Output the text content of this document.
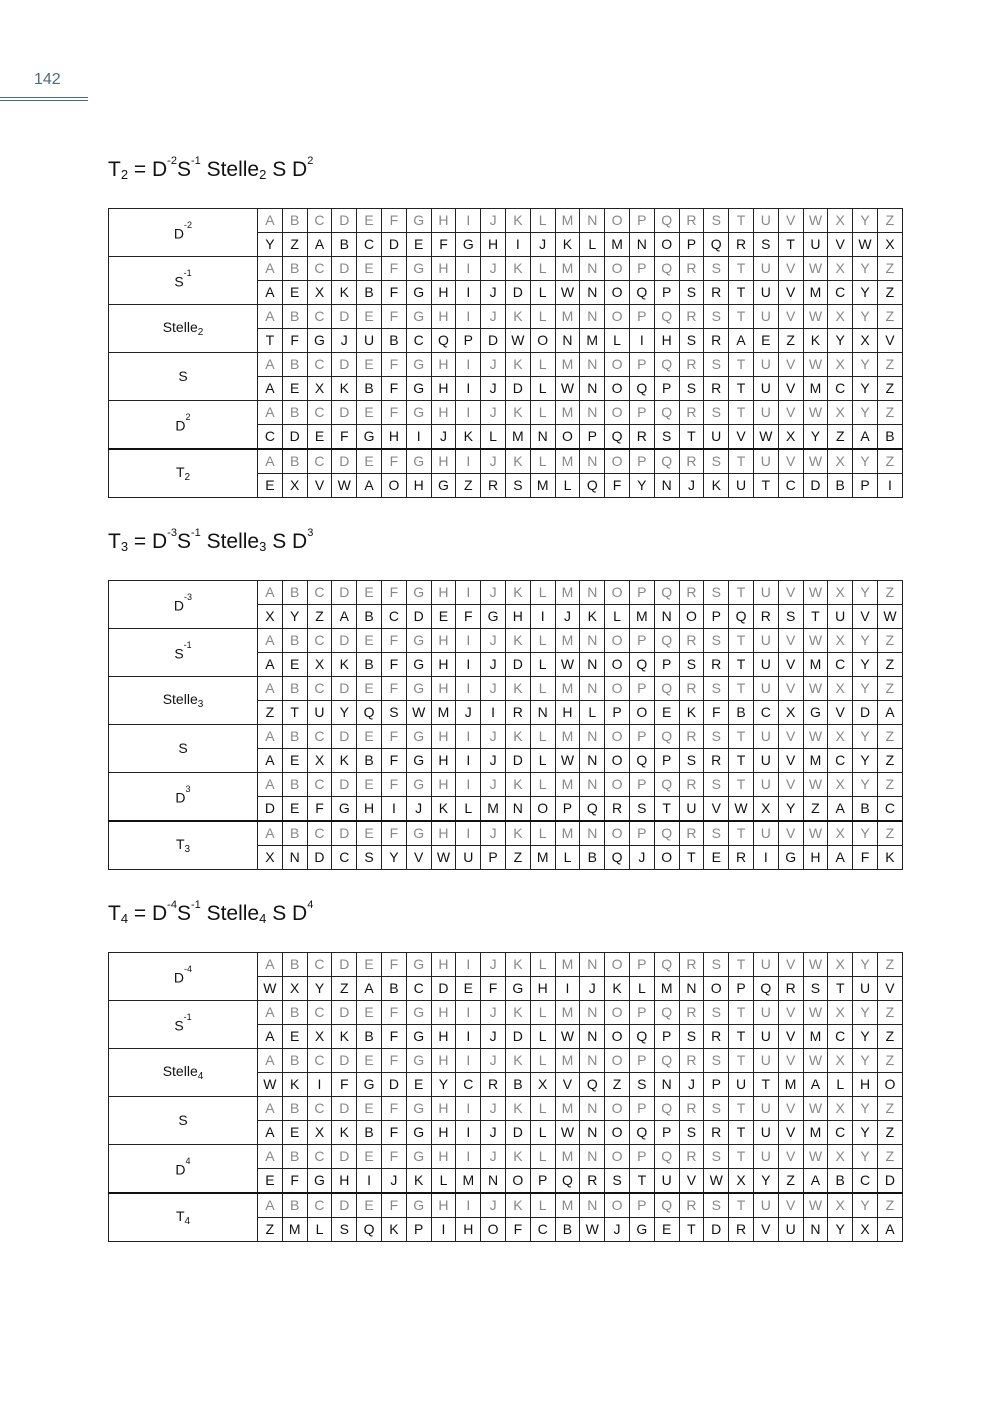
142
$T_2 = D^{-2}S^{-1}$ Stelle$_2$ S $D^2$
$D^{-2}$	A	B	C	D	E	F	G	H	I	J	K	L	M	N	O	P	Q	R	S	T	U	V	W	X	Y	Z
	Y	Z	A	B	C	D	E	F	G	H	I	J	K	L	M	N	O	P	Q	R	S	T	U	V	W	X
$S^{-1}$	A	B	C	D	E	F	G	H	I	J	K	L	M	N	O	P	Q	R	S	T	U	V	W	X	Y	Z
	A	E	X	K	B	F	G	H	I	J	D	L	W	N	O	Q	P	S	R	T	U	V	M	C	Y	Z
Stelle$_2$	A	B	C	D	E	F	G	H	I	J	K	L	M	N	O	P	Q	R	S	T	U	V	W	X	Y	Z
	T	F	G	J	U	B	C	Q	P	D	W	O	N	M	L	I	H	S	R	A	E	Z	K	Y	X	V
S	A	B	C	D	E	F	G	H	I	J	K	L	M	N	O	P	Q	R	S	T	U	V	W	X	Y	Z
	A	E	X	K	B	F	G	H	I	J	D	L	W	N	O	Q	P	S	R	T	U	V	M	C	Y	Z
$D^2$	A	B	C	D	E	F	G	H	I	J	K	L	M	N	O	P	Q	R	S	T	U	V	W	X	Y	Z
	C	D	E	F	G	H	I	J	K	L	M	N	O	P	Q	R	S	T	U	V	W	X	Y	Z	A	B
$T_2$	A	B	C	D	E	F	G	H	I	J	K	L	M	N	O	P	Q	R	S	T	U	V	W	X	Y	Z
	E	X	V	W	A	O	H	G	Z	R	S	M	L	Q	F	Y	N	J	K	U	T	C	D	B	P	I
$T_3 = D^{-3}S^{-1}$ Stelle$_3$ S $D^3$
$D^{-3}$	A	B	C	D	E	F	G	H	I	J	K	L	M	N	O	P	Q	R	S	T	U	V	W	X	Y	Z
	X	Y	Z	A	B	C	D	E	F	G	H	I	J	K	L	M	N	O	P	Q	R	S	T	U	V	W
$S^{-1}$	A	B	C	D	E	F	G	H	I	J	K	L	M	N	O	P	Q	R	S	T	U	V	W	X	Y	Z
	A	E	X	K	B	F	G	H	I	J	D	L	W	N	O	Q	P	S	R	T	U	V	M	C	Y	Z
Stelle$_3$	A	B	C	D	E	F	G	H	I	J	K	L	M	N	O	P	Q	R	S	T	U	V	W	X	Y	Z
	Z	T	U	Y	Q	S	W	M	J	I	R	N	H	L	P	O	E	K	F	B	C	X	G	V	D	A
S	A	B	C	D	E	F	G	H	I	J	K	L	M	N	O	P	Q	R	S	T	U	V	W	X	Y	Z
	A	E	X	K	B	F	G	H	I	J	D	L	W	N	O	Q	P	S	R	T	U	V	M	C	Y	Z
$D^3$	A	B	C	D	E	F	G	H	I	J	K	L	M	N	O	P	Q	R	S	T	U	V	W	X	Y	Z
	D	E	F	G	H	I	J	K	L	M	N	O	P	Q	R	S	T	U	V	W	X	Y	Z	A	B	C
$T_3$	A	B	C	D	E	F	G	H	I	J	K	L	M	N	O	P	Q	R	S	T	U	V	W	X	Y	Z
	X	N	D	C	S	Y	V	W	U	P	Z	M	L	B	Q	J	O	T	E	R	I	G	H	A	F	K
$T_4 = D^{-4}S^{-1}$ Stelle$_4$ S $D^4$
$D^{-4}$	A	B	C	D	E	F	G	H	I	J	K	L	M	N	O	P	Q	R	S	T	U	V	W	X	Y	Z
	W	X	Y	Z	A	B	C	D	E	F	G	H	I	J	K	L	M	N	O	P	Q	R	S	T	U	V
$S^{-1}$	A	B	C	D	E	F	G	H	I	J	K	L	M	N	O	P	Q	R	S	T	U	V	W	X	Y	Z
	A	E	X	K	B	F	G	H	I	J	D	L	W	N	O	Q	P	S	R	T	U	V	M	C	Y	Z
Stelle$_4$	A	B	C	D	E	F	G	H	I	J	K	L	M	N	O	P	Q	R	S	T	U	V	W	X	Y	Z
	W	K	I	F	G	D	E	Y	C	R	B	X	V	Q	Z	S	N	J	P	U	T	M	A	L	H	O
S	A	B	C	D	E	F	G	H	I	J	K	L	M	N	O	P	Q	R	S	T	U	V	W	X	Y	Z
	A	E	X	K	B	F	G	H	I	J	D	L	W	N	O	Q	P	S	R	T	U	V	M	C	Y	Z
$D^4$	A	B	C	D	E	F	G	H	I	J	K	L	M	N	O	P	Q	R	S	T	U	V	W	X	Y	Z
	E	F	G	H	I	J	K	L	M	N	O	P	Q	R	S	T	U	V	W	X	Y	Z	A	B	C	D
$T_4$	A	B	C	D	E	F	G	H	I	J	K	L	M	N	O	P	Q	R	S	T	U	V	W	X	Y	Z
	Z	M	L	S	Q	K	P	I	H	O	F	C	B	W	J	G	E	T	D	R	V	U	N	Y	X	A
